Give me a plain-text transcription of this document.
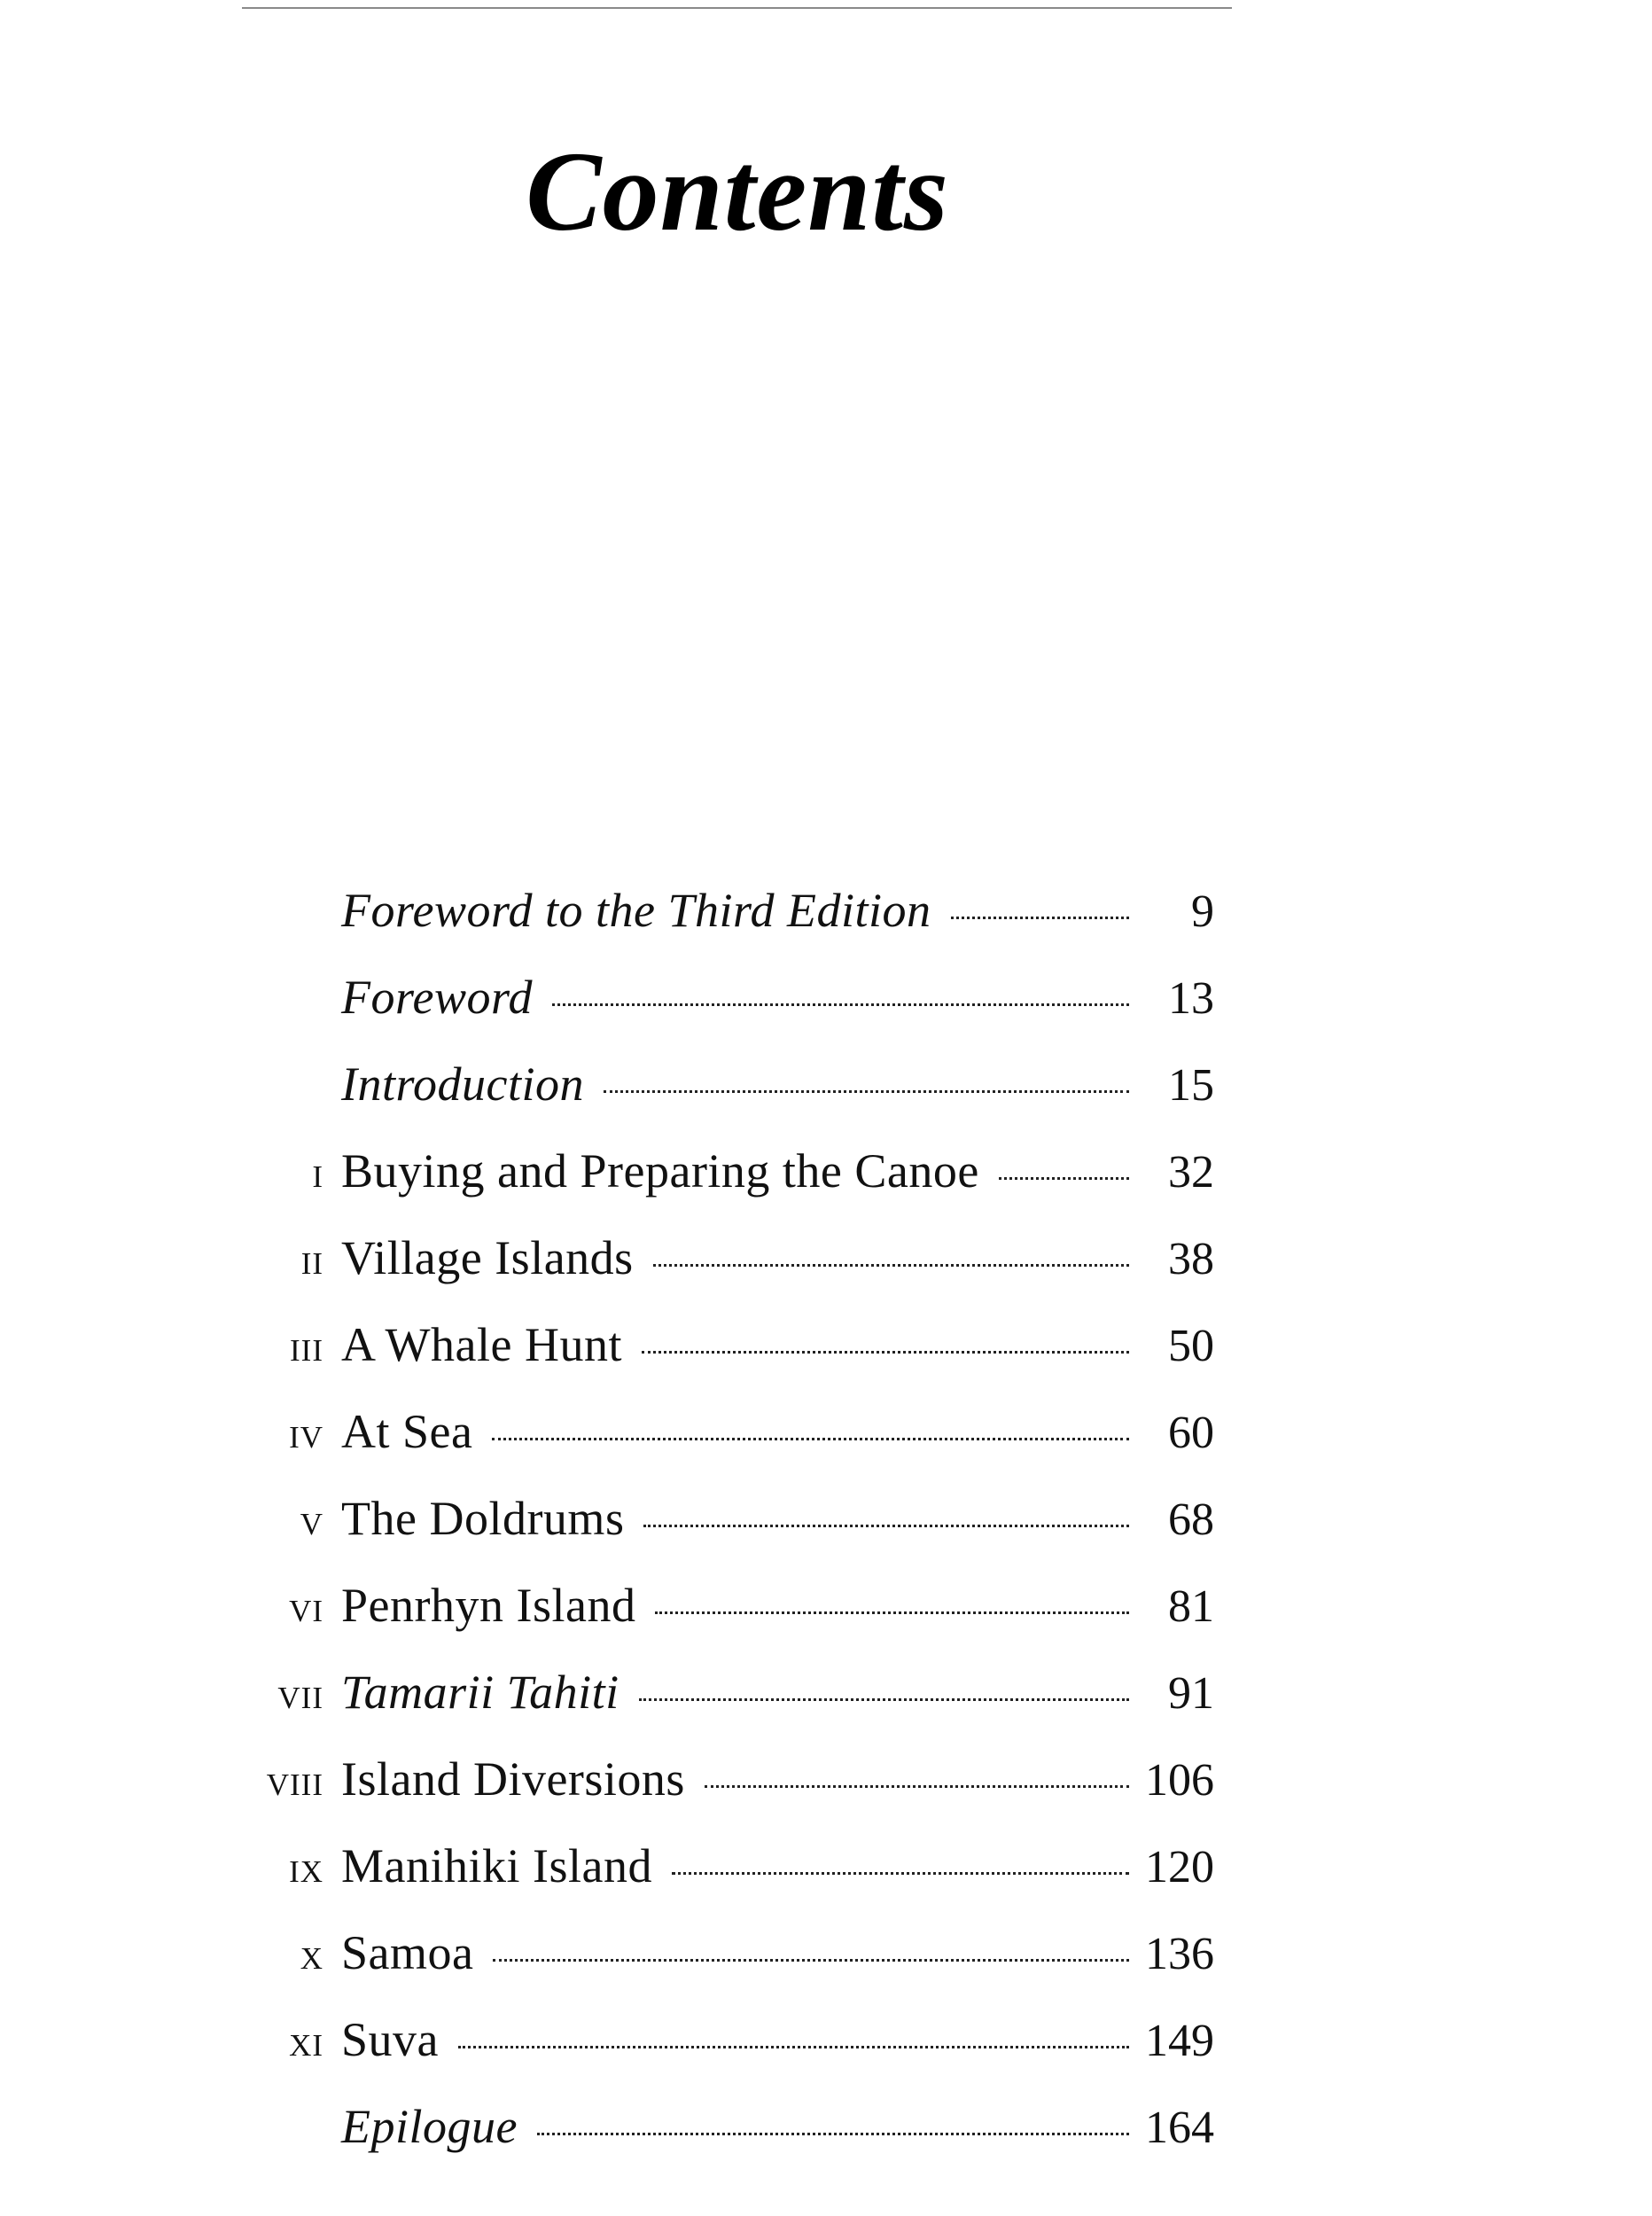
Contents
Foreword to the Third Edition	9
Foreword	13
Introduction	15
i Buying and Preparing the Canoe	32
ii Village Islands	38
iii A Whale Hunt	50
iv At Sea	60
v The Doldrums	68
vi Penrhyn Island	81
vii Tamarii Tahiti	91
viii Island Diversions	106
ix Manihiki Island	120
x Samoa	136
xi Suva	149
Epilogue	164
